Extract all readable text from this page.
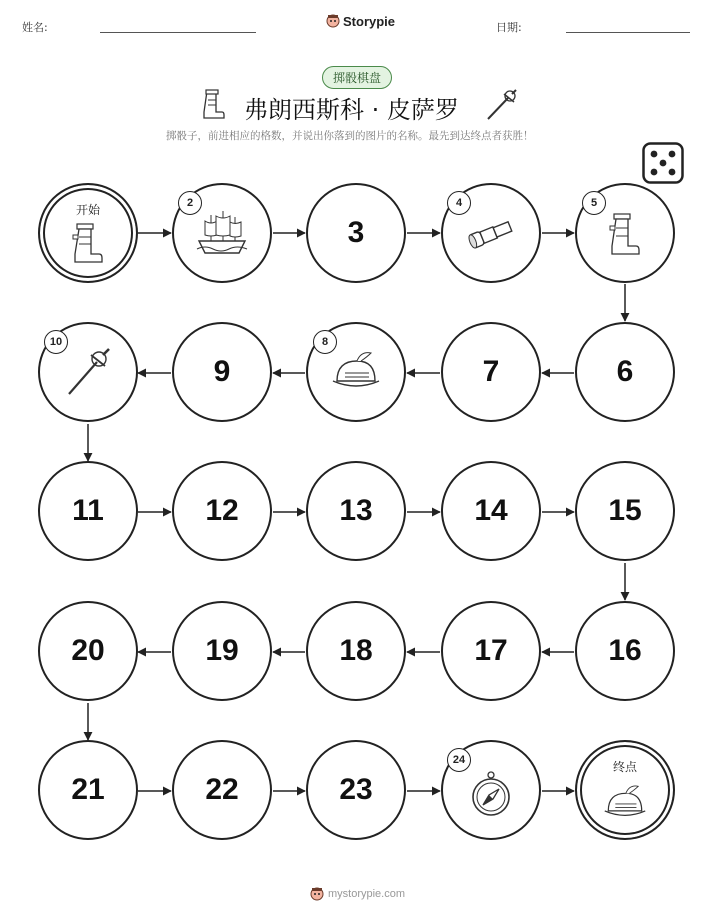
姓名:	Storypie	日期:
掷骰棋盘
弗朗西斯科 · 皮萨罗
掷骰子，前进相应的格数，并说出你落到的图片的名称。最先到达终点者获胜！
开始	2
3
4	5
6
7
8
9
10
11	12	13	14	15
16
17
18
19
20
21	22	23
24	终点
mystorypie.com
